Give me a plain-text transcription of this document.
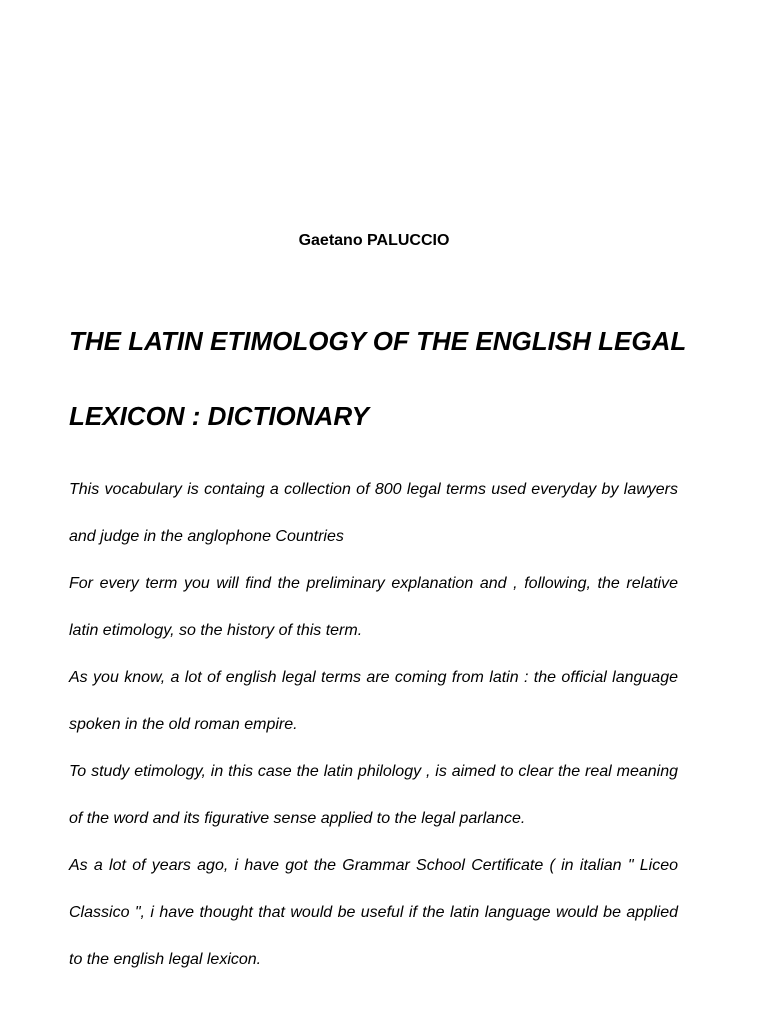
Gaetano PALUCCIO
THE LATIN ETIMOLOGY OF THE ENGLISH LEGAL
LEXICON : DICTIONARY

This vocabulary is containg a collection of 800 legal terms used everyday by lawyers and judge in the anglophone Countries

For every term you will find the preliminary explanation and , following, the relative latin etimology, so the history of this term.

As you know, a lot of english legal terms are coming from latin : the official language spoken in the old roman empire.

To study etimology, in this case the latin philology , is aimed to clear the real meaning of the word and its figurative sense applied to the legal parlance.

As a lot of years ago, i have got the Grammar School Certificate ( in italian " Liceo Classico ", i have thought that would be useful if the latin language would be applied to the english legal lexicon.
